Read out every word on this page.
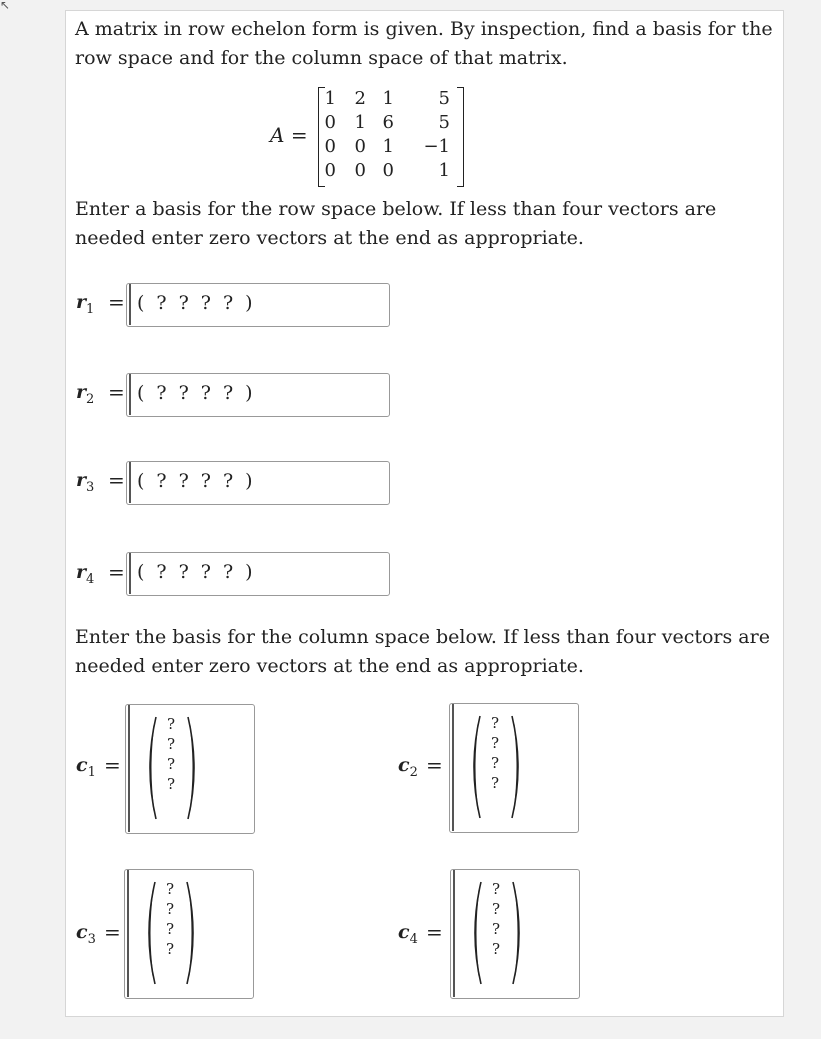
↖
A matrix in row echelon form is given. By inspection, find a basis for the row space and for the column space of that matrix.
A =
1 2 1	5
0 1 6	5
0 0 1	−1
0 0 0	1
Enter a basis for the row space below. If less than four vectors are needed enter zero vectors at the end as appropriate.
$r_1$ = ( ? ? ? ? )
$r_2$ = ( ? ? ? ? )
$r_3$ = ( ? ? ? ? )
$r_4$ = ( ? ? ? ? )
Enter the basis for the column space below. If less than four vectors are needed enter zero vectors at the end as appropriate.
$c_1$ =
?
?
?
?
$c_2$ =
?
?
?
?
$c_3$ =
?
?
?
?
$c_4$ =
?
?
?
?
